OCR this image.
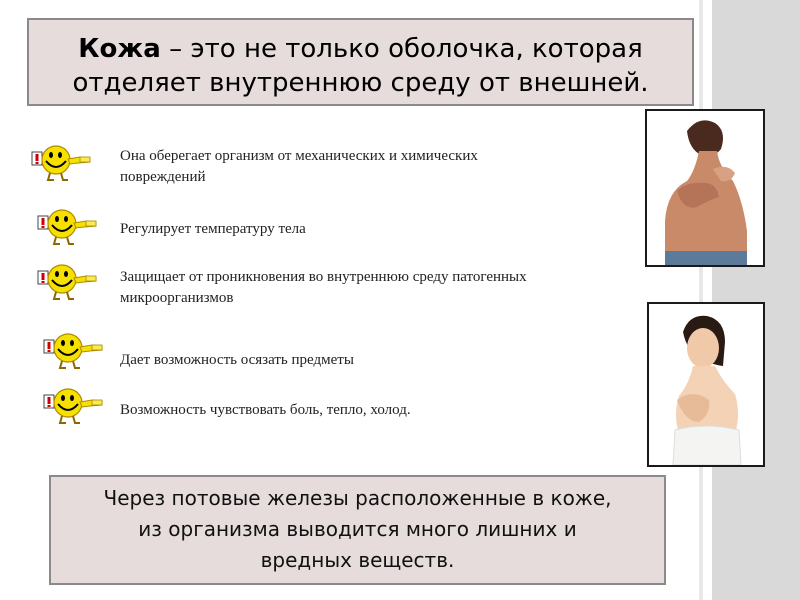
Кожа – это не только оболочка, которая
отделяет внутреннюю среду от внешней.
Она оберегает организм от механических и химических
повреждений
Регулирует температуру тела
Защищает от проникновения во внутреннюю среду патогенных
микроорганизмов
Дает возможность осязать предметы
Возможность чувствовать боль, тепло, холод.
Через потовые железы расположенные в коже,
из организма выводится много лишних и
вредных веществ.
